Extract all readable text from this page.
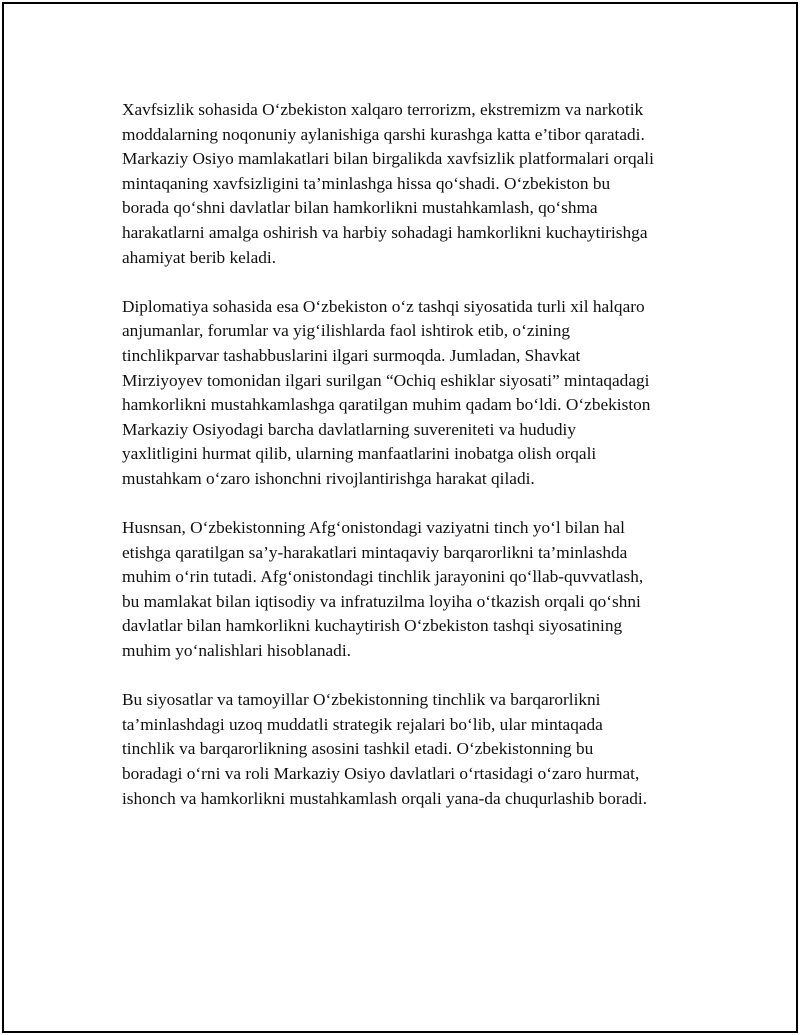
Xavfsizlik sohasida O‘zbekiston xalqaro terrorizm, ekstremizm va narkotik
moddalarning noqonuniy aylanishiga qarshi kurashga katta e’tibor qaratadi.
Markaziy Osiyo mamlakatlari bilan birgalikda xavfsizlik platformalari orqali
mintaqaning xavfsizligini ta’minlashga hissa qo‘shadi. O‘zbekiston bu
borada qo‘shni davlatlar bilan hamkorlikni mustahkamlash, qo‘shma
harakatlarni amalga oshirish va harbiy sohadagi hamkorlikni kuchaytirishga
ahamiyat berib keladi.

Diplomatiya sohasida esa O‘zbekiston o‘z tashqi siyosatida turli xil halqaro
anjumanlar, forumlar va yig‘ilishlarda faol ishtirok etib, o‘zining
tinchlikparvar tashabbuslarini ilgari surmoqda. Jumladan, Shavkat
Mirziyoyev tomonidan ilgari surilgan “Ochiq eshiklar siyosati” mintaqadagi
hamkorlikni mustahkamlashga qaratilgan muhim qadam bo‘ldi. O‘zbekiston
Markaziy Osiyodagi barcha davlatlarning suvereniteti va hududiy
yaxlitligini hurmat qilib, ularning manfaatlarini inobatga olish orqali
mustahkam o‘zaro ishonchni rivojlantirishga harakat qiladi.

Husnsan, O‘zbekistonning Afg‘onistondagi vaziyatni tinch yo‘l bilan hal
etishga qaratilgan sa’y-harakatlari mintaqaviy barqarorlikni ta’minlashda
muhim o‘rin tutadi. Afg‘onistondagi tinchlik jarayonini qo‘llab-quvvatlash,
bu mamlakat bilan iqtisodiy va infratuzilma loyiha o‘tkazish orqali qo‘shni
davlatlar bilan hamkorlikni kuchaytirish O‘zbekiston tashqi siyosatining
muhim yo‘nalishlari hisoblanadi.

Bu siyosatlar va tamoyillar O‘zbekistonning tinchlik va barqarorlikni
ta’minlashdagi uzoq muddatli strategik rejalari bo‘lib, ular mintaqada
tinchlik va barqarorlikning asosini tashkil etadi. O‘zbekistonning bu
boradagi o‘rni va roli Markaziy Osiyo davlatlari o‘rtasidagi o‘zaro hurmat,
ishonch va hamkorlikni mustahkamlash orqali yana-da chuqurlashib boradi.
